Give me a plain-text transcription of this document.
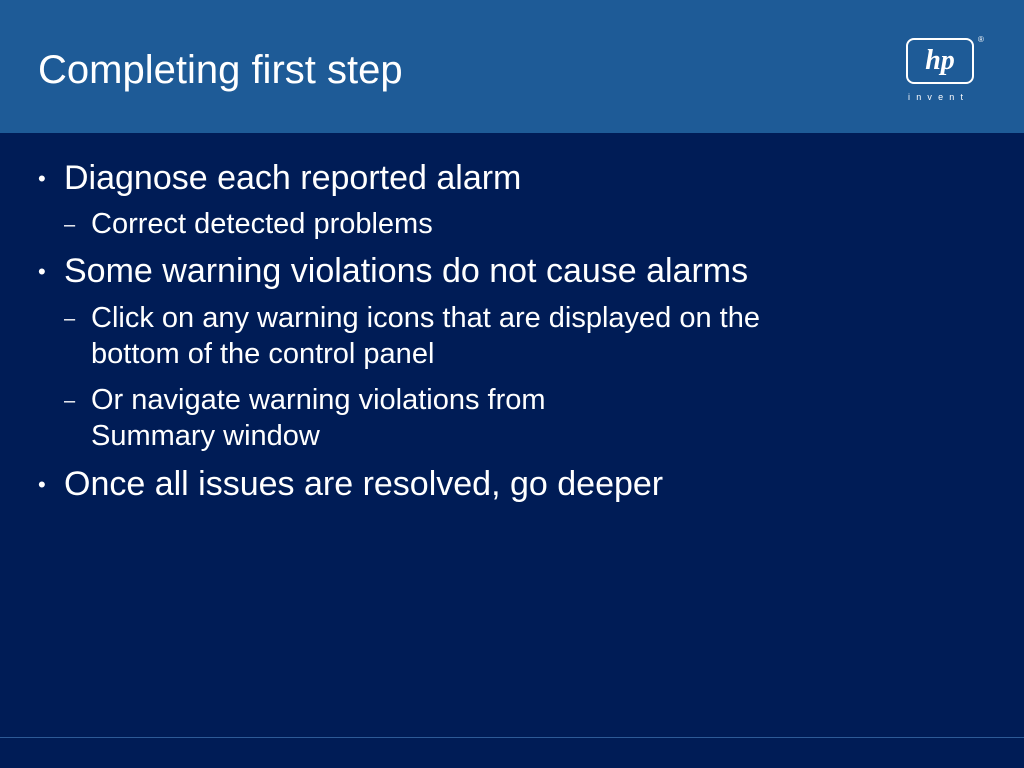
Completing first step	hp
®
invent
• Diagnose each reported alarm
– Correct detected problems
• Some warning violations do not cause alarms
– Click on any warning icons that are displayed on the
bottom of the control panel
– Or navigate warning violations from
Summary window
• Once all issues are resolved, go deeper
